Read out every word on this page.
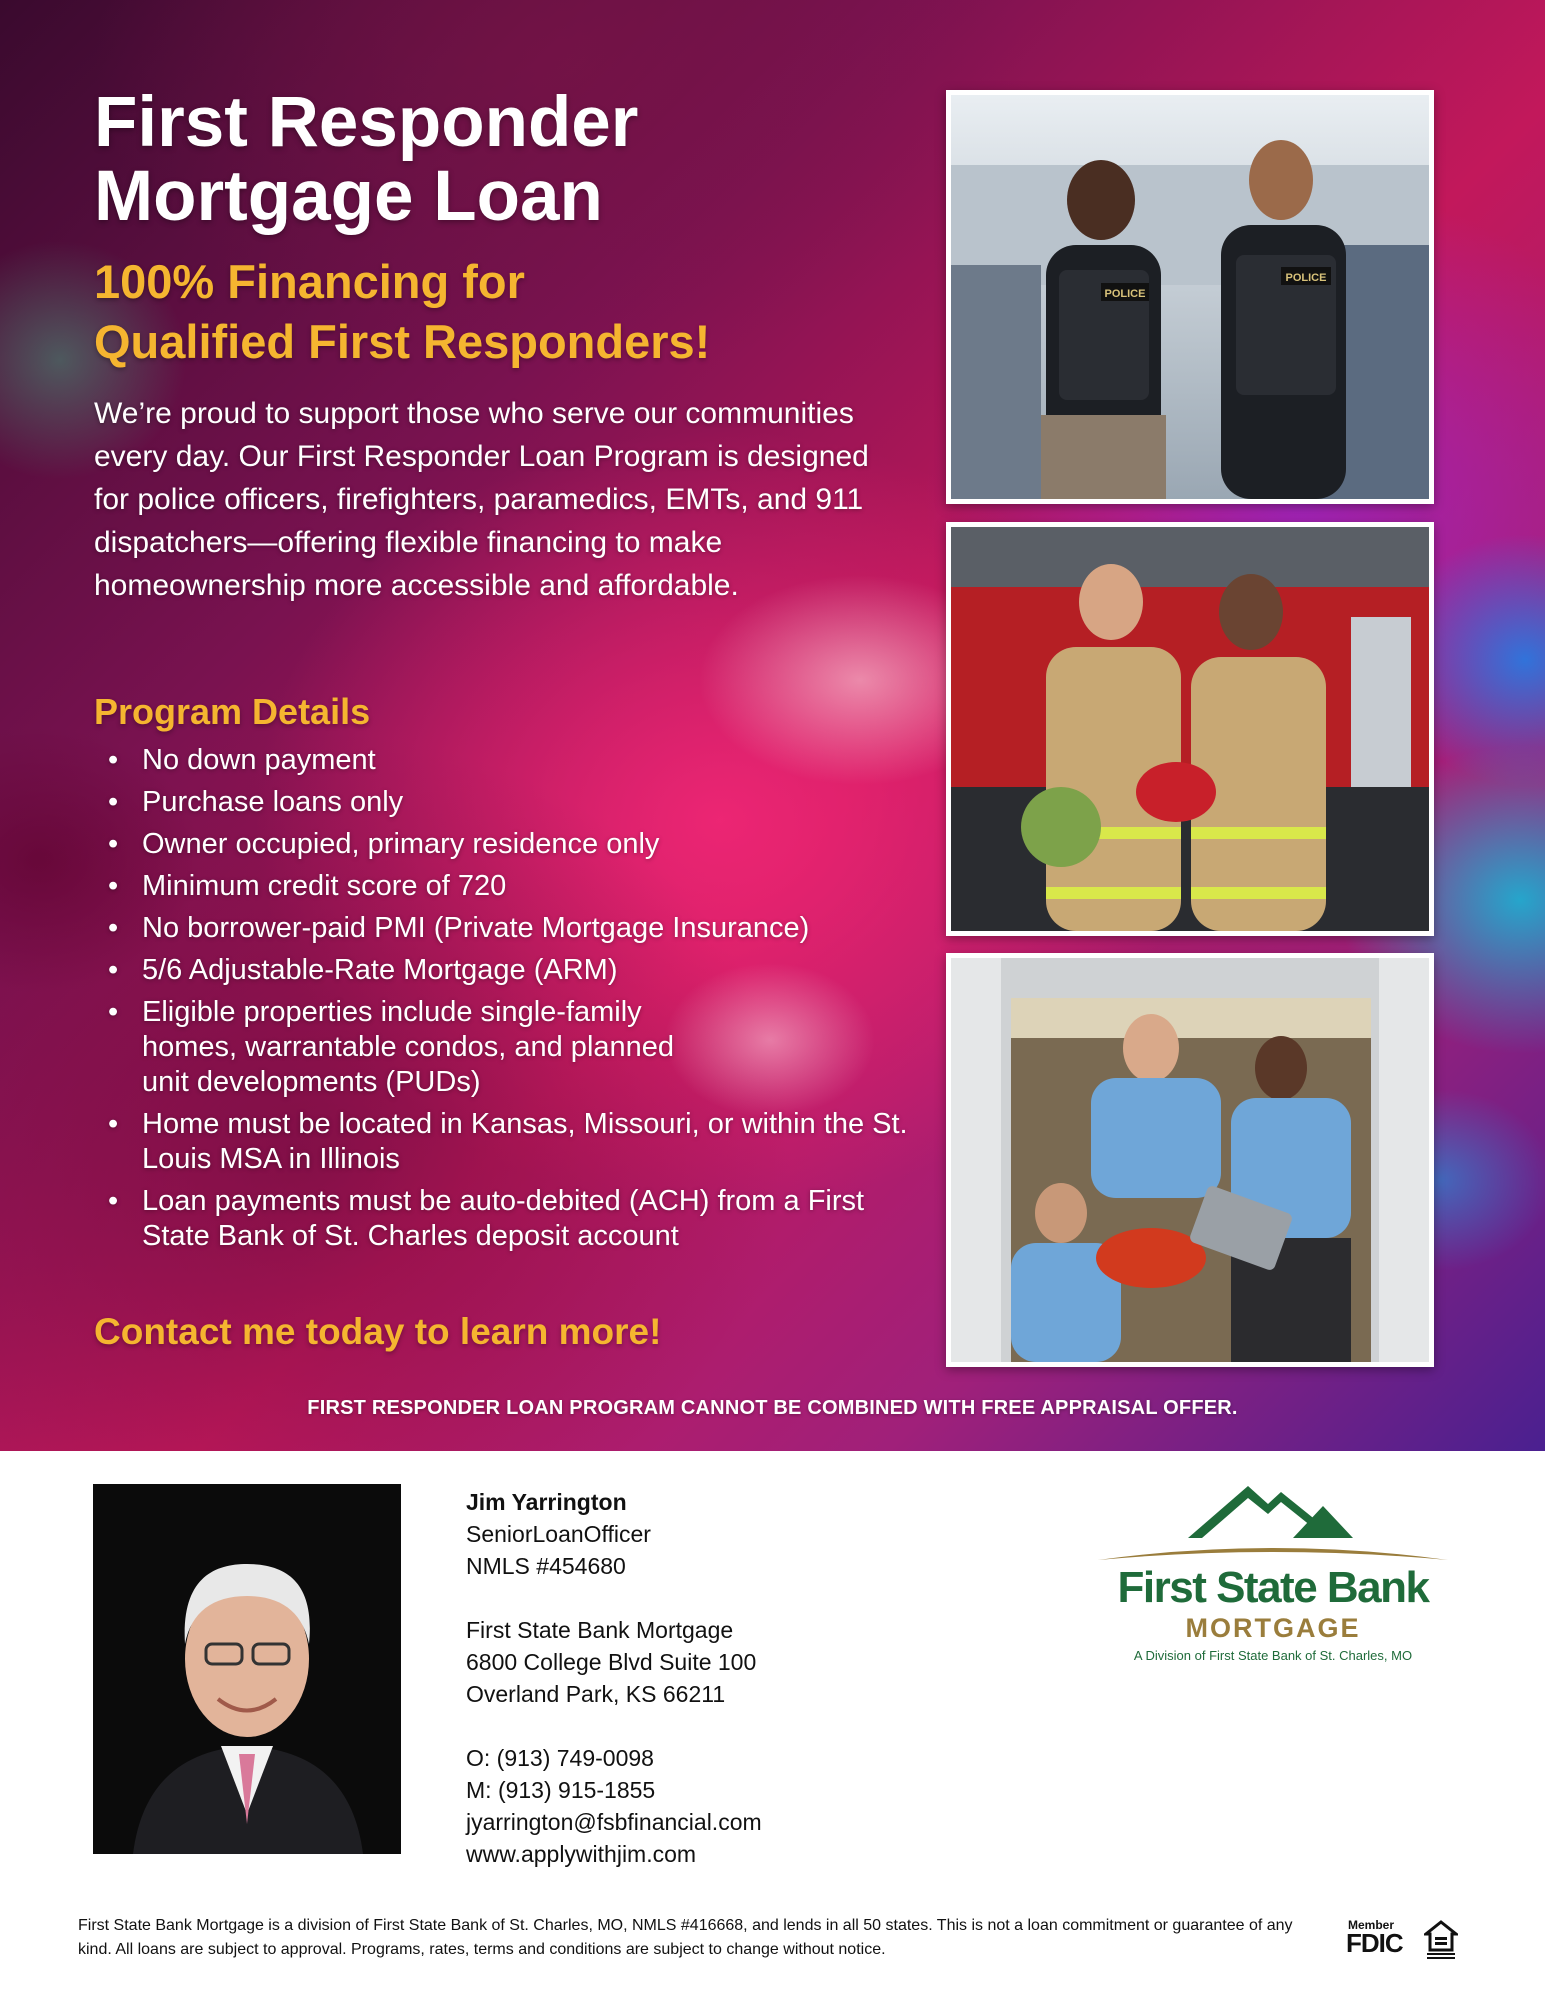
First Responder
Mortgage Loan
100% Financing for
Qualified First Responders!

We’re proud to support those who serve our communities every day. Our First Responder Loan Program is designed for police officers, firefighters, paramedics, EMTs, and 911 dispatchers—offering flexible financing to make homeownership more accessible and affordable.

Program Details
• No down payment
• Purchase loans only
• Owner occupied, primary residence only
• Minimum credit score of 720
• No borrower-paid PMI (Private Mortgage Insurance)
• 5/6 Adjustable-Rate Mortgage (ARM)
• Eligible properties include single-family homes, warrantable condos, and planned unit developments (PUDs)
• Home must be located in Kansas, Missouri, or within the St. Louis MSA in Illinois
• Loan payments must be auto-debited (ACH) from a First State Bank of St. Charles deposit account
Contact me today to learn more!
FIRST RESPONDER LOAN PROGRAM CANNOT BE COMBINED WITH FREE APPRAISAL OFFER.
POLICE
POLICE
Jim Yarrington
SeniorLoanOfficer
NMLS #454680
First State Bank Mortgage
6800 College Blvd Suite 100
Overland Park, KS 66211
O: (913) 749-0098
M: (913) 915-1855
jyarrington@fsbfinancial.com
www.applywithjim.com
First State Bank
MORTGAGE
A Division of First State Bank of St. Charles, MO

First State Bank Mortgage is a division of First State Bank of St. Charles, MO, NMLS #416668, and lends in all 50 states. This is not a loan commitment or guarantee of any kind. All loans are subject to approval. Programs, rates, terms and conditions are subject to change without notice.

Member
FDIC
